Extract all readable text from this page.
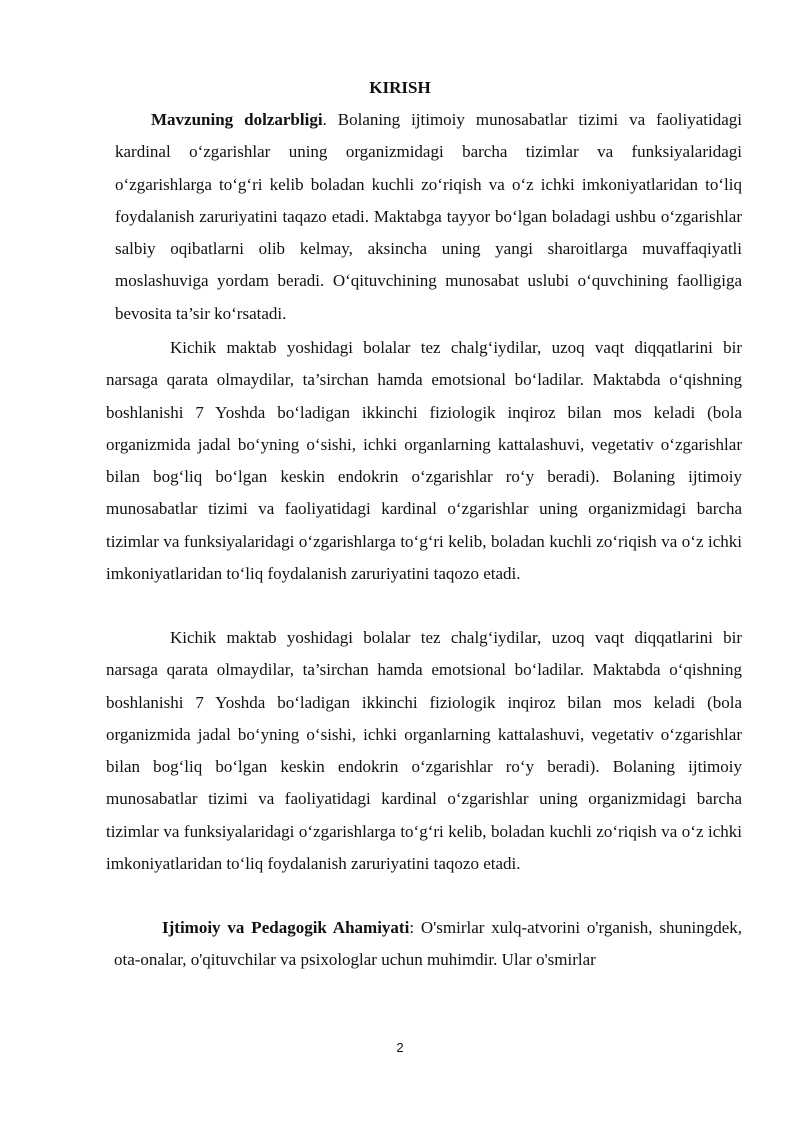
KIRISH

Mavzuning dolzarbligi. Bolaning ijtimoiy munosabatlar tizimi va faoliyatidagi kardinal o‘zgarishlar uning organizmidagi barcha tizimlar va funksiyalaridagi o‘zgarishlarga to‘g‘ri kelib boladan kuchli zo‘riqish va o‘z ichki imkoniyatlaridan to‘liq foydalanish zaruriyatini taqazo etadi. Maktabga tayyor bo‘lgan boladagi ushbu o‘zgarishlar salbiy oqibatlarni olib kelmay, aksincha uning yangi sharoitlarga muvaffaqiyatli moslashuviga yordam beradi. O‘qituvchining munosabat uslubi o‘quvchining faolligiga bevosita ta’sir ko‘rsatadi.

Kichik maktab yoshidagi bolalar tez chalg‘iydilar, uzoq vaqt diqqatlarini bir narsaga qarata olmaydilar, ta’sirchan hamda emotsional bo‘ladilar. Maktabda o‘qishning boshlanishi 7 Yoshda bo‘ladigan ikkinchi fiziologik inqiroz bilan mos keladi (bola organizmida jadal bo‘yning o‘sishi, ichki organlarning kattalashuvi, vegetativ o‘zgarishlar bilan bog‘liq bo‘lgan keskin endokrin o‘zgarishlar ro‘y beradi). Bolaning ijtimoiy munosabatlar tizimi va faoliyatidagi kardinal o‘zgarishlar uning organizmidagi barcha tizimlar va funksiyalaridagi o‘zgarishlarga to‘g‘ri kelib, boladan kuchli zo‘riqish va o‘z ichki imkoniyatlaridan to‘liq foydalanish zaruriyatini taqozo etadi.

Kichik maktab yoshidagi bolalar tez chalg‘iydilar, uzoq vaqt diqqatlarini bir narsaga qarata olmaydilar, ta’sirchan hamda emotsional bo‘ladilar. Maktabda o‘qishning boshlanishi 7 Yoshda bo‘ladigan ikkinchi fiziologik inqiroz bilan mos keladi (bola organizmida jadal bo‘yning o‘sishi, ichki organlarning kattalashuvi, vegetativ o‘zgarishlar bilan bog‘liq bo‘lgan keskin endokrin o‘zgarishlar ro‘y beradi). Bolaning ijtimoiy munosabatlar tizimi va faoliyatidagi kardinal o‘zgarishlar uning organizmidagi barcha tizimlar va funksiyalaridagi o‘zgarishlarga to‘g‘ri kelib, boladan kuchli zo‘riqish va o‘z ichki imkoniyatlaridan to‘liq foydalanish zaruriyatini taqozo etadi.

Ijtimoiy va Pedagogik Ahamiyati: O'smirlar xulq-atvorini o'rganish, shuningdek, ota-onalar, o'qituvchilar va psixologlar uchun muhimdir. Ular o'smirlar

2
